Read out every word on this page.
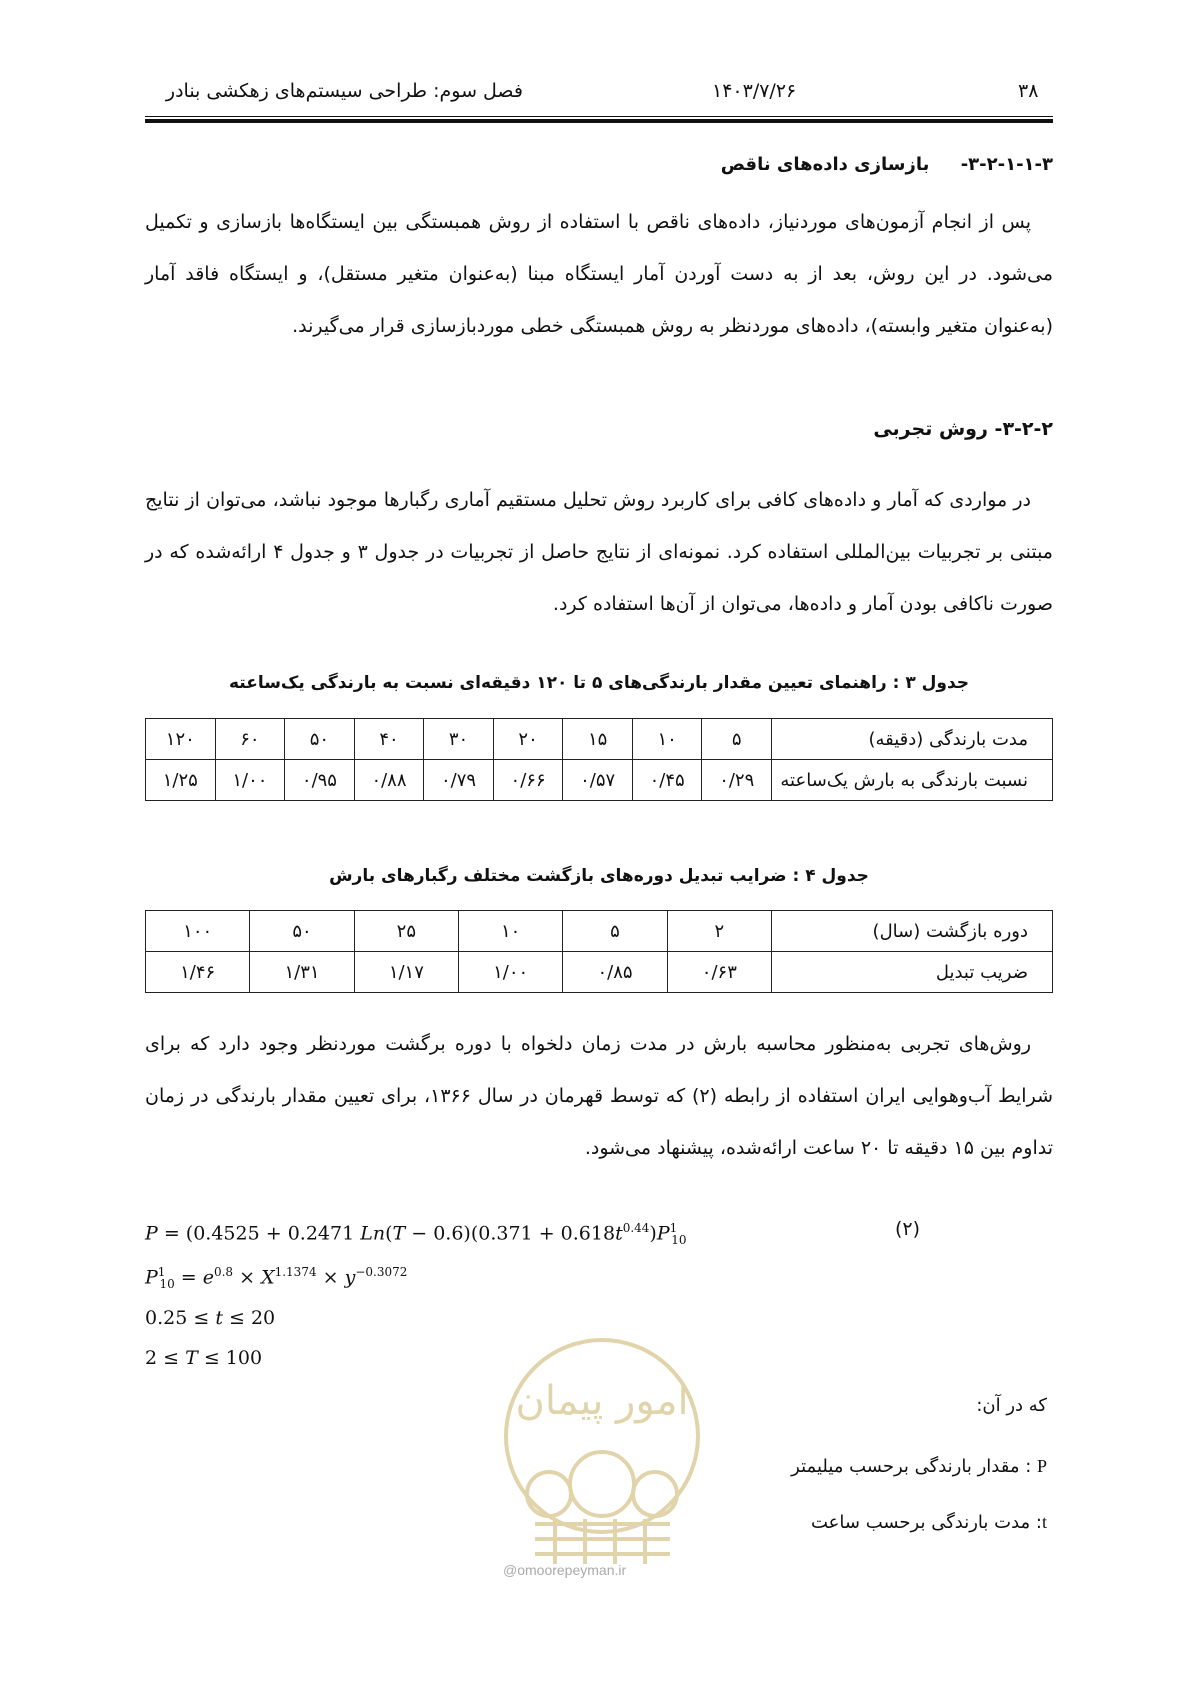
فصل سوم: طراحی سیستم‌های زهکشی بنادر	۱۴۰۳/۷/۲۶	۳۸
۳-۲-۱-۱-۳-     بازسازی داده‌های ناقص
پس از انجام آزمون‌های موردنیاز، داده‌های ناقص با استفاده از روش همبستگی بین ایستگاه‌ها بازسازی و تکمیل می‌شود. در این روش، بعد از به دست آوردن آمار ایستگاه مبنا (به‌عنوان متغیر مستقل)، و ایستگاه فاقد آمار (به‌عنوان متغیر وابسته)، داده‌های موردنظر به روش همبستگی خطی موردبازسازی قرار می‌گیرند.
۳-۲-۲- روش تجربی
در مواردی که آمار و داده‌های کافی برای کاربرد روش تحلیل مستقیم آماری رگبارها موجود نباشد، می‌توان از نتایج مبتنی بر تجربیات بین‌المللی استفاده کرد. نمونه‌ای از نتایج حاصل از تجربیات در جدول ۳ و جدول ۴ ارائه‌شده که در صورت ناکافی بودن آمار و داده‌ها، می‌توان از آن‌ها استفاده کرد.
جدول ۳ : راهنمای تعیین مقدار بارندگی‌های ۵ تا ۱۲۰ دقیقه‌ای نسبت به بارندگی یک‌ساعته
مدت بارندگی (دقیقه)	۵	۱۰	۱۵	۲۰	۳۰	۴۰	۵۰	۶۰	۱۲۰
نسبت بارندگی به بارش یک‌ساعته	۰/۲۹	۰/۴۵	۰/۵۷	۰/۶۶	۰/۷۹	۰/۸۸	۰/۹۵	۱/۰۰	۱/۲۵
جدول ۴ : ضرایب تبدیل دوره‌های بازگشت مختلف رگبارهای بارش
دوره بازگشت (سال)	۲	۵	۱۰	۲۵	۵۰	۱۰۰
ضریب تبدیل	۰/۶۳	۰/۸۵	۱/۰۰	۱/۱۷	۱/۳۱	۱/۴۶
روش‌های تجربی به‌منظور محاسبه بارش در مدت زمان دلخواه با دوره برگشت موردنظر وجود دارد که برای شرایط آب‌وهوایی ایران استفاده از رابطه (۲) که توسط قهرمان در سال ۱۳۶۶، برای تعیین مقدار بارندگی در زمان تداوم بین ۱۵ دقیقه تا ۲۰ ساعت ارائه‌شده، پیشنهاد می‌شود.
P = (0.4525 + 0.2471 $Ln(T - 0.6)(0.371 + 0.618t^{0.44})P^1_{10}$
(۲)
$P^1_{10} = e^{0.8} \times X^{1.1374} \times y^{-0.3072}$
0.25 ≤ t ≤ 20
2 ≤ T ≤ 100
که در آن:
P : مقدار بارندگی برحسب میلیمتر
t: مدت بارندگی برحسب ساعت
امور پیمان
@omoorepeyman.ir
